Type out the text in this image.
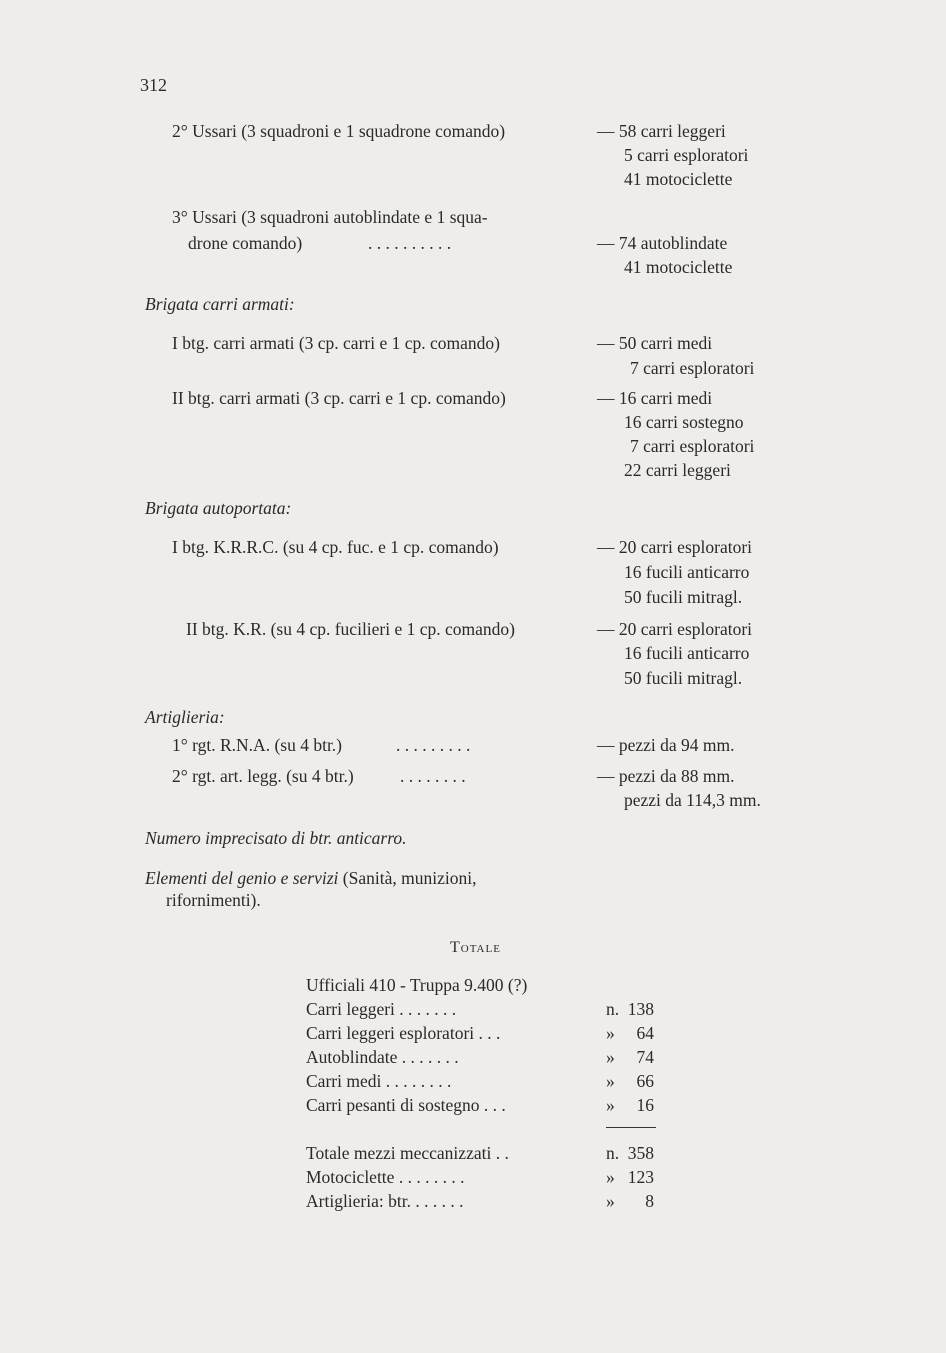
312
2° Ussari (3 squadroni e 1 squadrone comando)	— 58 carri leggeri
5 carri esploratori
41 motociclette
3° Ussari (3 squadroni autoblindate e 1 squa-
drone comando)	. . . . . . . . . .	— 74 autoblindate
41 motociclette
Brigata carri armati:
I btg. carri armati (3 cp. carri e 1 cp. comando)	— 50 carri medi
7 carri esploratori
II btg. carri armati (3 cp. carri e 1 cp. comando)	— 16 carri medi
16 carri sostegno
7 carri esploratori
22 carri leggeri
Brigata autoportata:
I btg. K.R.R.C. (su 4 cp. fuc. e 1 cp. comando)	— 20 carri esploratori
16 fucili anticarro
50 fucili mitragl.
II btg. K.R. (su 4 cp. fucilieri e 1 cp. comando)	— 20 carri esploratori
16 fucili anticarro
50 fucili mitragl.
Artiglieria:
1° rgt. R.N.A. (su 4 btr.)	. . . . . . . . .	— pezzi da 94 mm.
2° rgt. art. legg. (su 4 btr.)	. . . . . . . .	— pezzi da 88 mm.
pezzi da 114,3 mm.
Numero imprecisato di btr. anticarro.
Elementi del genio e servizi (Sanità, munizioni,
rifornimenti).
Totale
Ufficiali 410 - Truppa 9.400 (?)
Carri leggeri . . . . . . .	n. 138
Carri leggeri esploratori . . .	»	64
Autoblindate . . . . . . .	»	74
Carri medi . . . . . . . .	»	66
Carri pesanti di sostegno . . .	»	16
Totale mezzi meccanizzati . .	n. 358
Motociclette . . . . . . . .	» 123
Artiglieria: btr. . . . . . .	»	8
